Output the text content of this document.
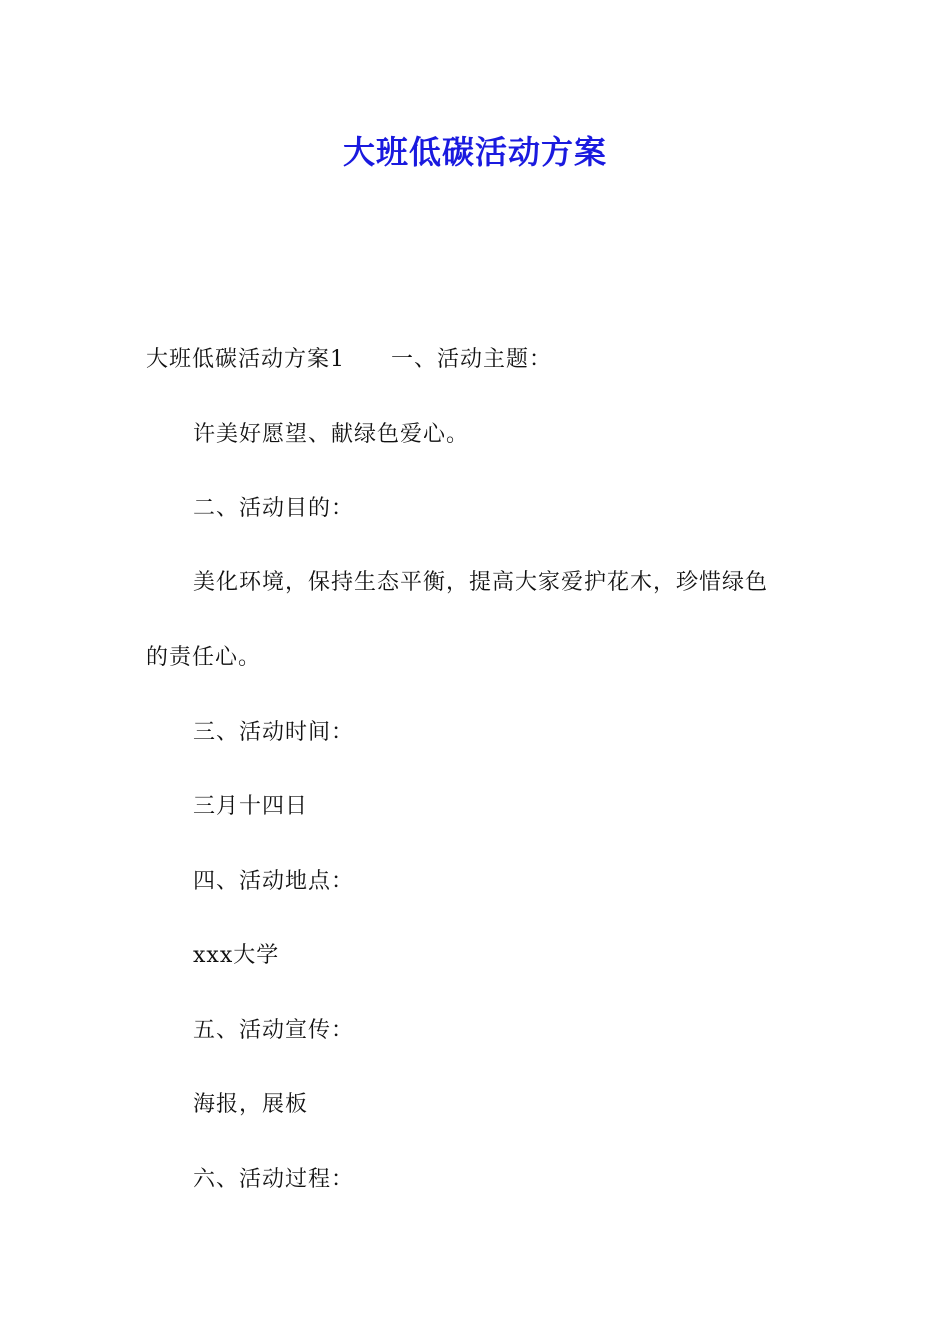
大班低碳活动方案
大班低碳活动方案1 一、活动主题：
许美好愿望、献绿色爱心。
二、活动目的：
美化环境，保持生态平衡，提高大家爱护花木，珍惜绿色
的责任心。
三、活动时间：
三月十四日
四、活动地点：
xxx大学
五、活动宣传：
海报，展板
六、活动过程：
